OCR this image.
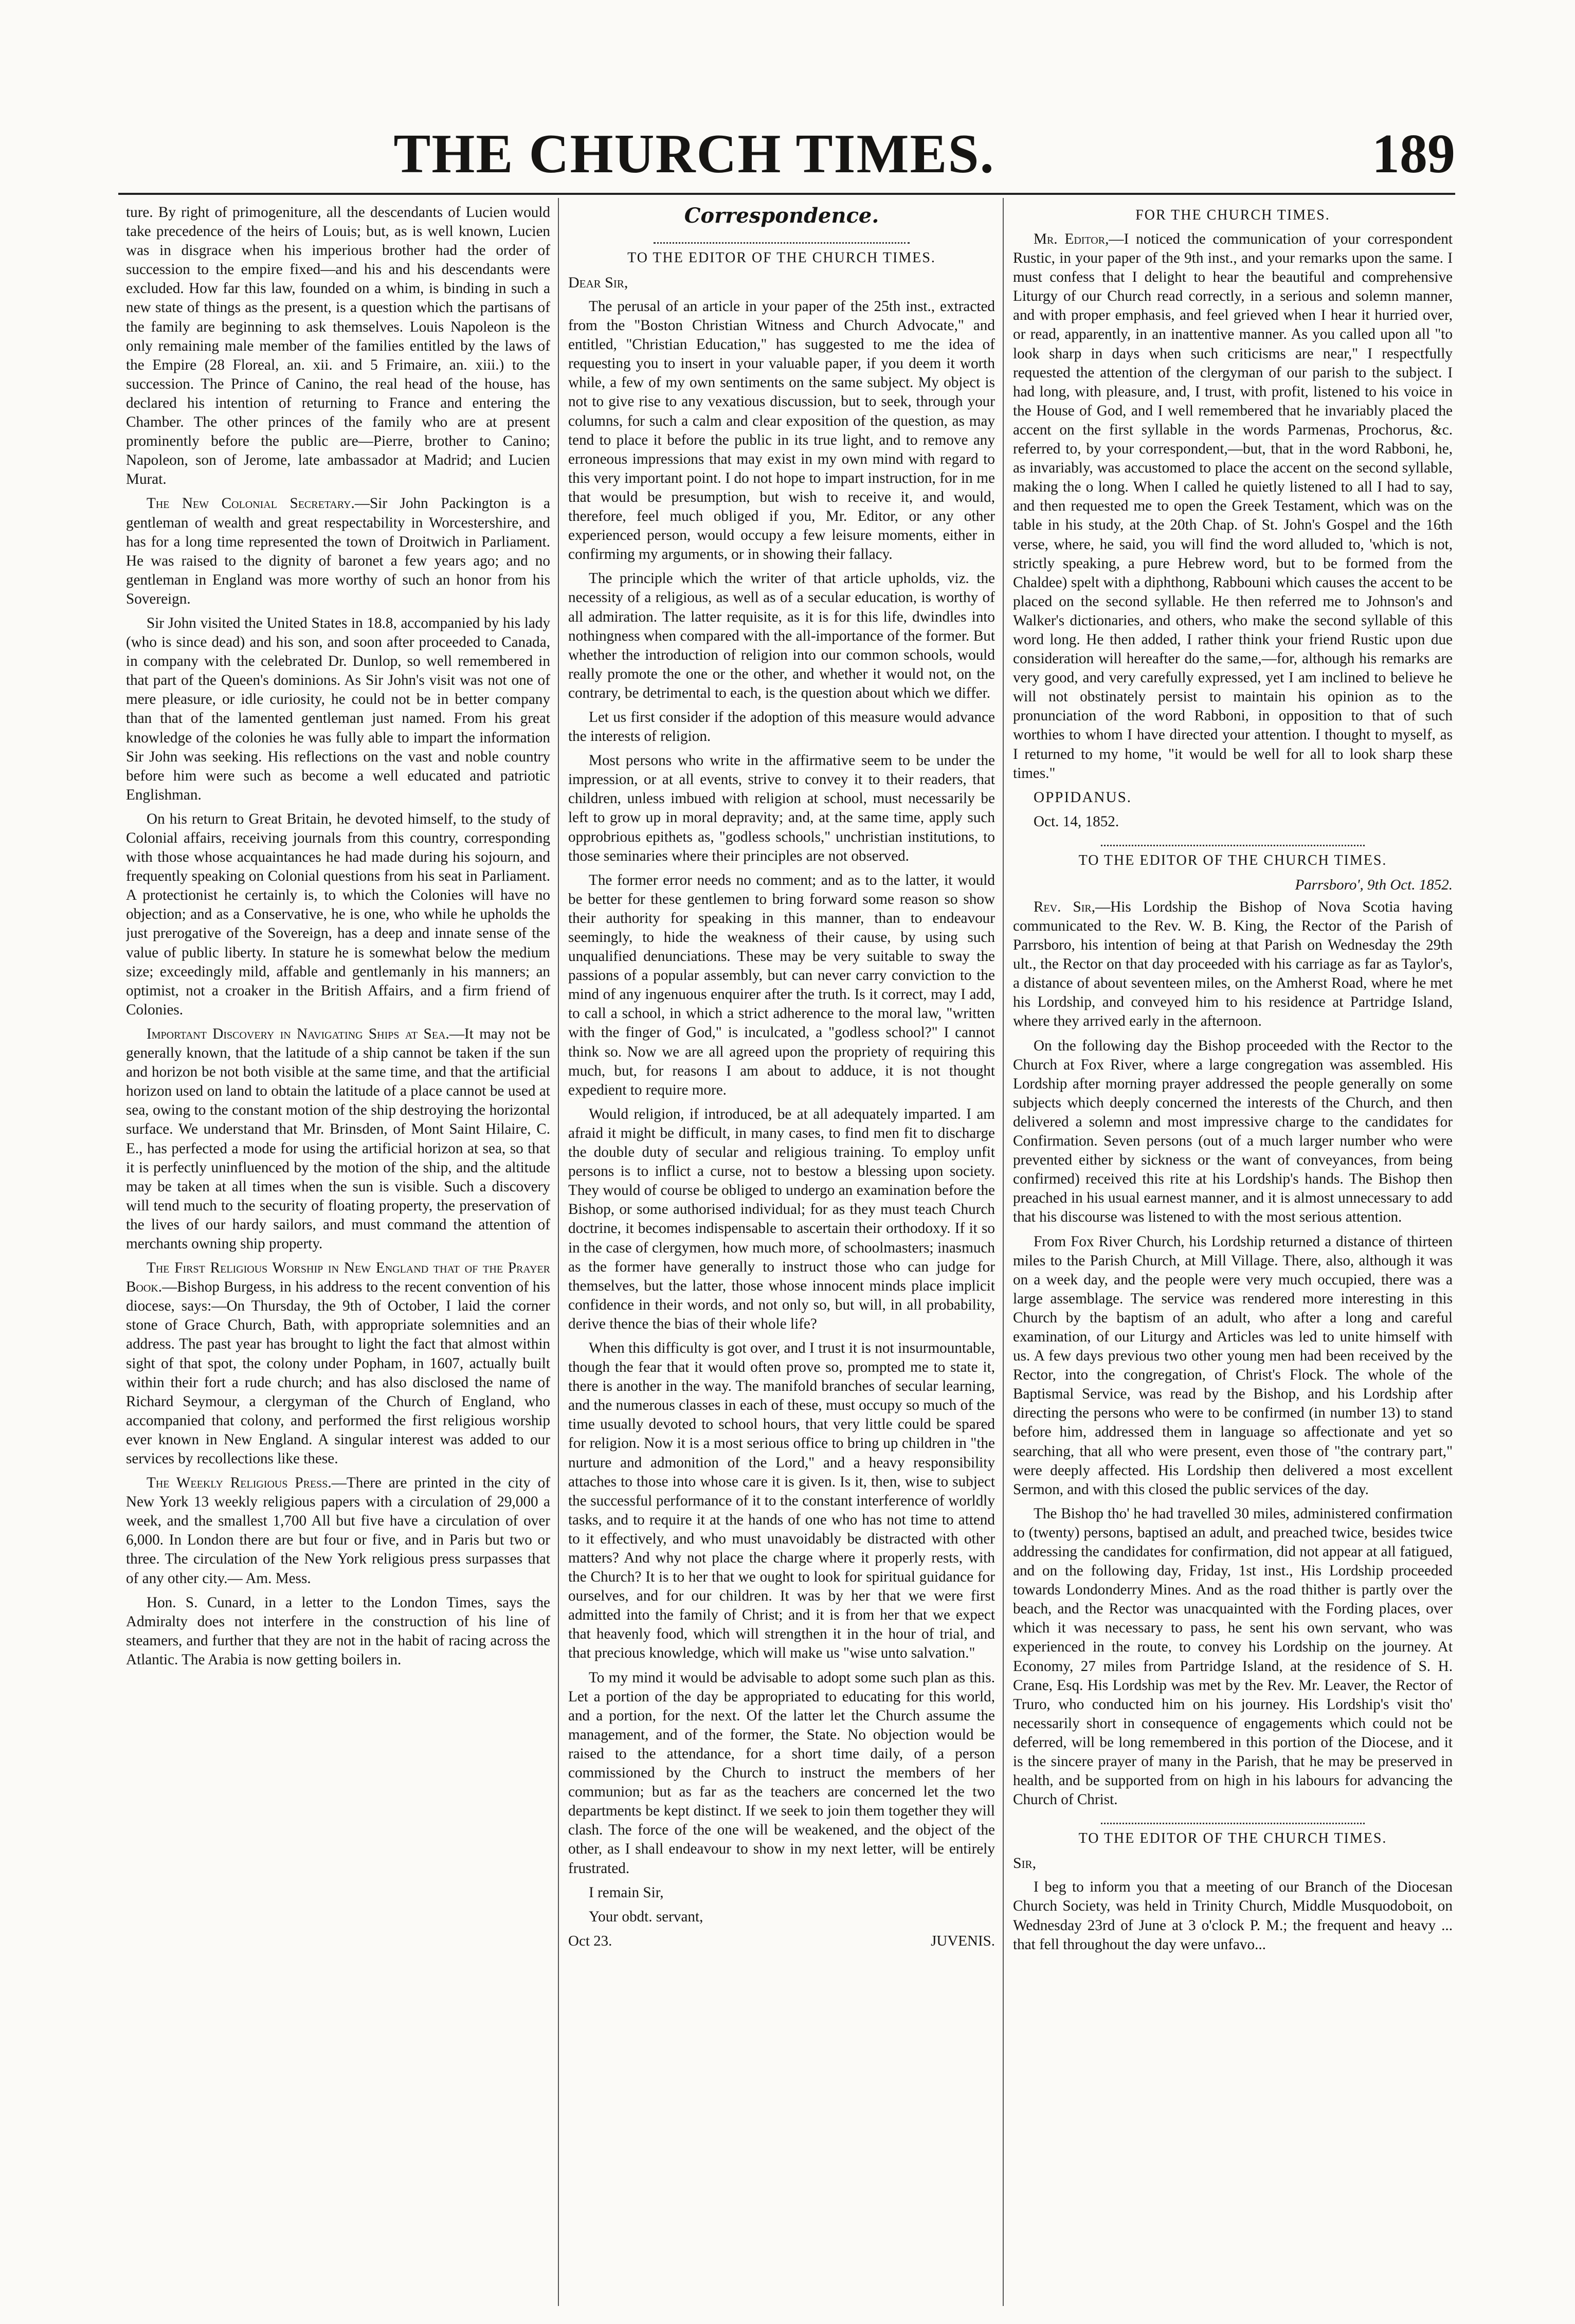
THE CHURCH TIMES.	189

ture. By right of primogeniture, all the descendants of Lucien would take precedence of the heirs of Louis; but, as is well known, Lucien was in disgrace when his imperious brother had the order of succession to the empire fixed—and his and his descendants were excluded. How far this law, founded on a whim, is binding in such a new state of things as the present, is a question which the partisans of the family are beginning to ask themselves. Louis Napoleon is the only remaining male member of the families entitled by the laws of the Empire (28 Floreal, an. xii. and 5 Frimaire, an. xiii.) to the succession. The Prince of Canino, the real head of the house, has declared his intention of returning to France and entering the Chamber. The other princes of the family who are at present prominently before the public are—Pierre, brother to Canino; Napoleon, son of Jerome, late ambassador at Madrid; and Lucien Murat.

The New Colonial Secretary.—Sir John Packington is a gentleman of wealth and great respectability in Worcestershire, and has for a long time represented the town of Droitwich in Parliament. He was raised to the dignity of baronet a few years ago; and no gentleman in England was more worthy of such an honor from his Sovereign.

Sir John visited the United States in 18.8, accompanied by his lady (who is since dead) and his son, and soon after proceeded to Canada, in company with the celebrated Dr. Dunlop, so well remembered in that part of the Queen's dominions. As Sir John's visit was not one of mere pleasure, or idle curiosity, he could not be in better company than that of the lamented gentleman just named. From his great knowledge of the colonies he was fully able to impart the information Sir John was seeking. His reflections on the vast and noble country before him were such as become a well educated and patriotic Englishman.

On his return to Great Britain, he devoted himself, to the study of Colonial affairs, receiving journals from this country, corresponding with those whose acquaintances he had made during his sojourn, and frequently speaking on Colonial questions from his seat in Parliament. A protectionist he certainly is, to which the Colonies will have no objection; and as a Conservative, he is one, who while he upholds the just prerogative of the Sovereign, has a deep and innate sense of the value of public liberty. In stature he is somewhat below the medium size; exceedingly mild, affable and gentlemanly in his manners; an optimist, not a croaker in the British Affairs, and a firm friend of Colonies.

Important Discovery in Navigating Ships at Sea.—It may not be generally known, that the latitude of a ship cannot be taken if the sun and horizon be not both visible at the same time, and that the artificial horizon used on land to obtain the latitude of a place cannot be used at sea, owing to the constant motion of the ship destroying the horizontal surface. We understand that Mr. Brinsden, of Mont Saint Hilaire, C. E., has perfected a mode for using the artificial horizon at sea, so that it is perfectly uninfluenced by the motion of the ship, and the altitude may be taken at all times when the sun is visible. Such a discovery will tend much to the security of floating property, the preservation of the lives of our hardy sailors, and must command the attention of merchants owning ship property.

The First Religious Worship in New England that of the Prayer Book.—Bishop Burgess, in his address to the recent convention of his diocese, says:—On Thursday, the 9th of October, I laid the corner stone of Grace Church, Bath, with appropriate solemnities and an address. The past year has brought to light the fact that almost within sight of that spot, the colony under Popham, in 1607, actually built within their fort a rude church; and has also disclosed the name of Richard Seymour, a clergyman of the Church of England, who accompanied that colony, and performed the first religious worship ever known in New England. A singular interest was added to our services by recollections like these.

The Weekly Religious Press.—There are printed in the city of New York 13 weekly religious papers with a circulation of 29,000 a week, and the smallest 1,700 All but five have a circulation of over 6,000. In London there are but four or five, and in Paris but two or three. The circulation of the New York religious press surpasses that of any other city.— Am. Mess.

Hon. S. Cunard, in a letter to the London Times, says the Admiralty does not interfere in the construction of his line of steamers, and further that they are not in the habit of racing across the Atlantic. The Arabia is now getting boilers in.

Correspondence.
TO THE EDITOR OF THE CHURCH TIMES.
Dear Sir,

The perusal of an article in your paper of the 25th inst., extracted from the "Boston Christian Witness and Church Advocate," and entitled, "Christian Education," has suggested to me the idea of requesting you to insert in your valuable paper, if you deem it worth while, a few of my own sentiments on the same subject. My object is not to give rise to any vexatious discussion, but to seek, through your columns, for such a calm and clear exposition of the question, as may tend to place it before the public in its true light, and to remove any erroneous impressions that may exist in my own mind with regard to this very important point. I do not hope to impart instruction, for in me that would be presumption, but wish to receive it, and would, therefore, feel much obliged if you, Mr. Editor, or any other experienced person, would occupy a few leisure moments, either in confirming my arguments, or in showing their fallacy.

The principle which the writer of that article upholds, viz. the necessity of a religious, as well as of a secular education, is worthy of all admiration. The latter requisite, as it is for this life, dwindles into nothingness when compared with the all-importance of the former. But whether the introduction of religion into our common schools, would really promote the one or the other, and whether it would not, on the contrary, be detrimental to each, is the question about which we differ.

Let us first consider if the adoption of this measure would advance the interests of religion.

Most persons who write in the affirmative seem to be under the impression, or at all events, strive to convey it to their readers, that children, unless imbued with religion at school, must necessarily be left to grow up in moral depravity; and, at the same time, apply such opprobrious epithets as, "godless schools," unchristian institutions, to those seminaries where their principles are not observed.

The former error needs no comment; and as to the latter, it would be better for these gentlemen to bring forward some reason so show their authority for speaking in this manner, than to endeavour seemingly, to hide the weakness of their cause, by using such unqualified denunciations. These may be very suitable to sway the passions of a popular assembly, but can never carry conviction to the mind of any ingenuous enquirer after the truth. Is it correct, may I add, to call a school, in which a strict adherence to the moral law, "written with the finger of God," is inculcated, a "godless school?" I cannot think so. Now we are all agreed upon the propriety of requiring this much, but, for reasons I am about to adduce, it is not thought expedient to require more.

Would religion, if introduced, be at all adequately imparted. I am afraid it might be difficult, in many cases, to find men fit to discharge the double duty of secular and religious training. To employ unfit persons is to inflict a curse, not to bestow a blessing upon society. They would of course be obliged to undergo an examination before the Bishop, or some authorised individual; for as they must teach Church doctrine, it becomes indispensable to ascertain their orthodoxy. If it so in the case of clergymen, how much more, of schoolmasters; inasmuch as the former have generally to instruct those who can judge for themselves, but the latter, those whose innocent minds place implicit confidence in their words, and not only so, but will, in all probability, derive thence the bias of their whole life?

When this difficulty is got over, and I trust it is not insurmountable, though the fear that it would often prove so, prompted me to state it, there is another in the way. The manifold branches of secular learning, and the numerous classes in each of these, must occupy so much of the time usually devoted to school hours, that very little could be spared for religion. Now it is a most serious office to bring up children in "the nurture and admonition of the Lord," and a heavy responsibility attaches to those into whose care it is given. Is it, then, wise to subject the successful performance of it to the constant interference of worldly tasks, and to require it at the hands of one who has not time to attend to it effectively, and who must unavoidably be distracted with other matters? And why not place the charge where it properly rests, with the Church? It is to her that we ought to look for spiritual guidance for ourselves, and for our children. It was by her that we were first admitted into the family of Christ; and it is from her that we expect that heavenly food, which will strengthen it in the hour of trial, and that precious knowledge, which will make us "wise unto salvation."

To my mind it would be advisable to adopt some such plan as this. Let a portion of the day be appropriated to educating for this world, and a portion, for the next. Of the latter let the Church assume the management, and of the former, the State. No objection would be raised to the attendance, for a short time daily, of a person commissioned by the Church to instruct the members of her communion; but as far as the teachers are concerned let the two departments be kept distinct. If we seek to join them together they will clash. The force of the one will be weakened, and the object of the other, as I shall endeavour to show in my next letter, will be entirely frustrated.

I remain Sir,

Your obdt. servant,

Oct 23.	JUVENIS.
FOR THE CHURCH TIMES.

Mr. Editor,—I noticed the communication of your correspondent Rustic, in your paper of the 9th inst., and your remarks upon the same. I must confess that I delight to hear the beautiful and comprehensive Liturgy of our Church read correctly, in a serious and solemn manner, and with proper emphasis, and feel grieved when I hear it hurried over, or read, apparently, in an inattentive manner. As you called upon all "to look sharp in days when such criticisms are near," I respectfully requested the attention of the clergyman of our parish to the subject. I had long, with pleasure, and, I trust, with profit, listened to his voice in the House of God, and I well remembered that he invariably placed the accent on the first syllable in the words Parmenas, Prochorus, &c. referred to, by your correspondent,—but, that in the word Rabboni, he, as invariably, was accustomed to place the accent on the second syllable, making the o long. When I called he quietly listened to all I had to say, and then requested me to open the Greek Testament, which was on the table in his study, at the 20th Chap. of St. John's Gospel and the 16th verse, where, he said, you will find the word alluded to, 'which is not, strictly speaking, a pure Hebrew word, but to be formed from the Chaldee) spelt with a diphthong, Rabbouni which causes the accent to be placed on the second syllable. He then referred me to Johnson's and Walker's dictionaries, and others, who make the second syllable of this word long. He then added, I rather think your friend Rustic upon due consideration will hereafter do the same,—for, although his remarks are very good, and very carefully expressed, yet I am inclined to believe he will not obstinately persist to maintain his opinion as to the pronunciation of the word Rabboni, in opposition to that of such worthies to whom I have directed your attention. I thought to myself, as I returned to my home, "it would be well for all to look sharp these times."

OPPIDANUS.

Oct. 14, 1852.

TO THE EDITOR OF THE CHURCH TIMES.
Parrsboro', 9th Oct. 1852.

Rev. Sir,—His Lordship the Bishop of Nova Scotia having communicated to the Rev. W. B. King, the Rector of the Parish of Parrsboro, his intention of being at that Parish on Wednesday the 29th ult., the Rector on that day proceeded with his carriage as far as Taylor's, a distance of about seventeen miles, on the Amherst Road, where he met his Lordship, and conveyed him to his residence at Partridge Island, where they arrived early in the afternoon.

On the following day the Bishop proceeded with the Rector to the Church at Fox River, where a large congregation was assembled. His Lordship after morning prayer addressed the people generally on some subjects which deeply concerned the interests of the Church, and then delivered a solemn and most impressive charge to the candidates for Confirmation. Seven persons (out of a much larger number who were prevented either by sickness or the want of conveyances, from being confirmed) received this rite at his Lordship's hands. The Bishop then preached in his usual earnest manner, and it is almost unnecessary to add that his discourse was listened to with the most serious attention.

From Fox River Church, his Lordship returned a distance of thirteen miles to the Parish Church, at Mill Village. There, also, although it was on a week day, and the people were very much occupied, there was a large assemblage. The service was rendered more interesting in this Church by the baptism of an adult, who after a long and careful examination, of our Liturgy and Articles was led to unite himself with us. A few days previous two other young men had been received by the Rector, into the congregation, of Christ's Flock. The whole of the Baptismal Service, was read by the Bishop, and his Lordship after directing the persons who were to be confirmed (in number 13) to stand before him, addressed them in language so affectionate and yet so searching, that all who were present, even those of "the contrary part," were deeply affected. His Lordship then delivered a most excellent Sermon, and with this closed the public services of the day.

The Bishop tho' he had travelled 30 miles, administered confirmation to (twenty) persons, baptised an adult, and preached twice, besides twice addressing the candidates for confirmation, did not appear at all fatigued, and on the following day, Friday, 1st inst., His Lordship proceeded towards Londonderry Mines. And as the road thither is partly over the beach, and the Rector was unacquainted with the Fording places, over which it was necessary to pass, he sent his own servant, who was experienced in the route, to convey his Lordship on the journey. At Economy, 27 miles from Partridge Island, at the residence of S. H. Crane, Esq. His Lordship was met by the Rev. Mr. Leaver, the Rector of Truro, who conducted him on his journey. His Lordship's visit tho' necessarily short in consequence of engagements which could not be deferred, will be long remembered in this portion of the Diocese, and it is the sincere prayer of many in the Parish, that he may be preserved in health, and be supported from on high in his labours for advancing the Church of Christ.

TO THE EDITOR OF THE CHURCH TIMES.
Sir,

I beg to inform you that a meeting of our Branch of the Diocesan Church Society, was held in Trinity Church, Middle Musquodoboit, on Wednesday 23rd of June at 3 o'clock P. M.; the frequent and heavy ... that fell throughout the day were unfavo...
